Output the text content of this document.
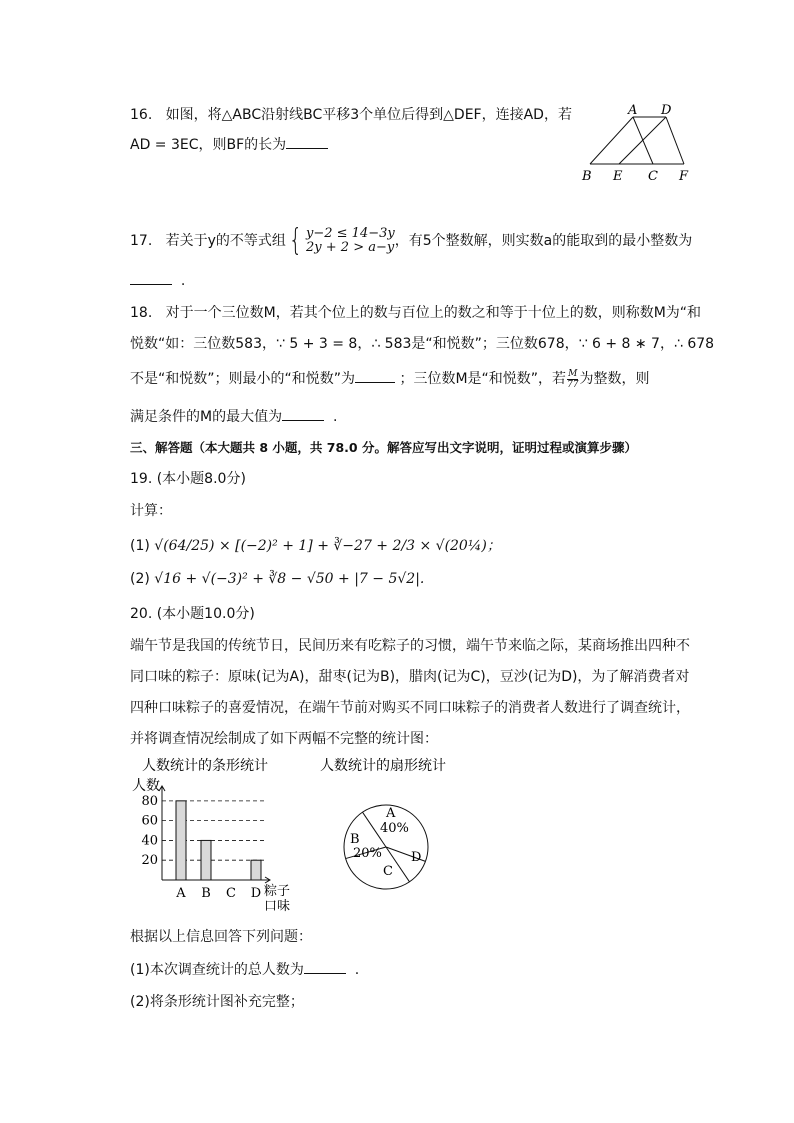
16. 如图，将△ABC沿射线BC平移3个单位后得到△DEF，连接AD，若
AD = 3EC，则BF的长为
A D
B E C F
17. 若关于y的不等式组 { y−2 ≤ 14−3y
2y + 2 > a−y ，有5个整数解，则实数a的能取到的最小整数为
.
18. 对于一个三位数M，若其个位上的数与百位上的数之和等于十位上的数，则称数M为“和
悦数“如：三位数583，∵ 5 + 3 = 8，∴ 583是“和悦数”；三位数678，∵ 6 + 8 ∗ 7，∴ 678
不是“和悦数”；则最小的“和悦数”为	；三位数M是“和悦数”，若 $\frac{M}{77}$ 为整数，则
满足条件的M的最大值为	.
三、解答题（本大题共 8 小题，共 78.0 分。解答应写出文字说明，证明过程或演算步骤）
19. (本小题8.0分)
计算：
(1) √(64/25) × [(−2)² + 1] + ∛−27 + 2/3 × √(20¼)；
(2) √16 + √(−3)² + ∛8 − √50 + |7 − 5√2|.
20. (本小题10.0分)
端午节是我国的传统节日，民间历来有吃粽子的习惯，端午节来临之际，某商场推出四种不
同口味的粽子：原味(记为A)，甜枣(记为B)，腊肉(记为C)，豆沙(记为D)，为了解消费者对
四种口味粽子的喜爱情况，在端午节前对购买不同口味粽子的消费者人数进行了调查统计，
并将调查情况绘制成了如下两幅不完整的统计图：
人数统计的条形统计
人数
20
40
60
80
A B C D 粽子
口味
人数统计的扇形统计
A
40%
B
20%
C
D
根据以上信息回答下列问题：
(1)本次调查统计的总人数为	.
(2)将条形统计图补充完整；
